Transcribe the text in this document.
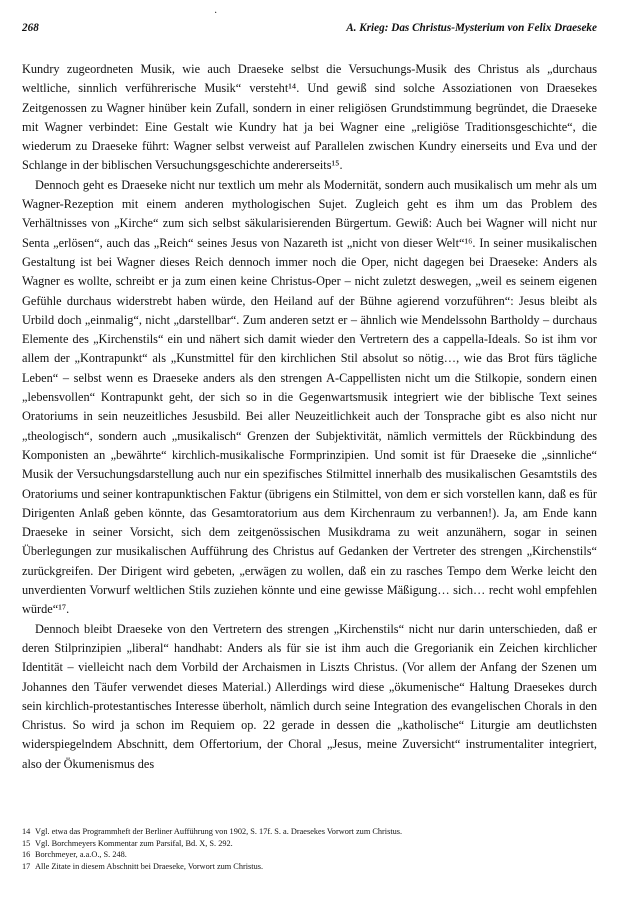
․
268	A. Krieg: Das Christus-Mysterium von Felix Draeseke

Kundry zugeordneten Musik, wie auch Draeseke selbst die Versuchungs-Musik des Christus als „durchaus weltliche, sinnlich verführerische Musik“ versteht¹⁴. Und gewiß sind solche Assoziationen von Draesekes Zeitgenossen zu Wagner hinüber kein Zufall, sondern in einer religiösen Grundstimmung begründet, die Draeseke mit Wagner verbindet: Eine Gestalt wie Kundry hat ja bei Wagner eine „religiöse Traditionsgeschichte“, die wiederum zu Draeseke führt: Wagner selbst verweist auf Parallelen zwischen Kundry einerseits und Eva und der Schlange in der biblischen Versuchungsgeschichte andererseits¹⁵.

Dennoch geht es Draeseke nicht nur textlich um mehr als Modernität, sondern auch musikalisch um mehr als um Wagner-Rezeption mit einem anderen mythologischen Sujet. Zugleich geht es ihm um das Problem des Verhältnisses von „Kirche“ zum sich selbst säkularisierenden Bürgertum. Gewiß: Auch bei Wagner will nicht nur Senta „erlösen“, auch das „Reich“ seines Jesus von Nazareth ist „nicht von dieser Welt“¹⁶. In seiner musikalischen Gestaltung ist bei Wagner dieses Reich dennoch immer noch die Oper, nicht dagegen bei Draeseke: Anders als Wagner es wollte, schreibt er ja zum einen keine Christus-Oper – nicht zuletzt deswegen, „weil es seinem eigenen Gefühle durchaus widerstrebt haben würde, den Heiland auf der Bühne agierend vorzuführen“: Jesus bleibt als Urbild doch „einmalig“, nicht „darstellbar“. Zum anderen setzt er – ähnlich wie Mendelssohn Bartholdy – durchaus Elemente des „Kirchenstils“ ein und nähert sich damit wieder den Vertretern des a cappella-Ideals. So ist ihm vor allem der „Kontrapunkt“ als „Kunstmittel für den kirchlichen Stil absolut so nötig…, wie das Brot fürs tägliche Leben“ – selbst wenn es Draeseke anders als den strengen A-Cappellisten nicht um die Stilkopie, sondern einen „lebensvollen“ Kontrapunkt geht, der sich so in die Gegenwartsmusik integriert wie der biblische Text seines Oratoriums in sein neuzeitliches Jesusbild. Bei aller Neuzeitlichkeit auch der Tonsprache gibt es also nicht nur „theologisch“, sondern auch „musikalisch“ Grenzen der Subjektivität, nämlich vermittels der Rückbindung des Komponisten an „bewährte“ kirchlich-musikalische Formprinzipien. Und somit ist für Draeseke die „sinnliche“ Musik der Versuchungsdarstellung auch nur ein spezifisches Stilmittel innerhalb des musikalischen Gesamtstils des Oratoriums und seiner kontrapunktischen Faktur (übrigens ein Stilmittel, von dem er sich vorstellen kann, daß es für Dirigenten Anlaß geben könnte, das Gesamtoratorium aus dem Kirchenraum zu verbannen!). Ja, am Ende kann Draeseke in seiner Vorsicht, sich dem zeitgenössischen Musikdrama zu weit anzunähern, sogar in seinen Überlegungen zur musikalischen Aufführung des Christus auf Gedanken der Vertreter des strengen „Kirchenstils“ zurückgreifen. Der Dirigent wird gebeten, „erwägen zu wollen, daß ein zu rasches Tempo dem Werke leicht den unverdienten Vorwurf weltlichen Stils zuziehen könnte und eine gewisse Mäßigung… sich… recht wohl empfehlen würde“¹⁷.

Dennoch bleibt Draeseke von den Vertretern des strengen „Kirchenstils“ nicht nur darin unterschieden, daß er deren Stilprinzipien „liberal“ handhabt: Anders als für sie ist ihm auch die Gregorianik ein Zeichen kirchlicher Identität – vielleicht nach dem Vorbild der Archaismen in Liszts Christus. (Vor allem der Anfang der Szenen um Johannes den Täufer verwendet dieses Material.) Allerdings wird diese „ökumenische“ Haltung Draesekes durch sein kirchlich-protestantisches Interesse überholt, nämlich durch seine Integration des evangelischen Chorals in den Christus. So wird ja schon im Requiem op. 22 gerade in dessen die „katholische“ Liturgie am deutlichsten widerspiegelndem Abschnitt, dem Offertorium, der Choral „Jesus, meine Zuversicht“ instrumentaliter integriert, also der Ökumenismus des

14 Vgl. etwa das Programmheft der Berliner Aufführung von 1902, S. 17f. S. a. Draesekes Vorwort zum Christus.
15 Vgl. Borchmeyers Kommentar zum Parsifal, Bd. X, S. 292.
16 Borchmeyer, a.a.O., S. 248.
17 Alle Zitate in diesem Abschnitt bei Draeseke, Vorwort zum Christus.
